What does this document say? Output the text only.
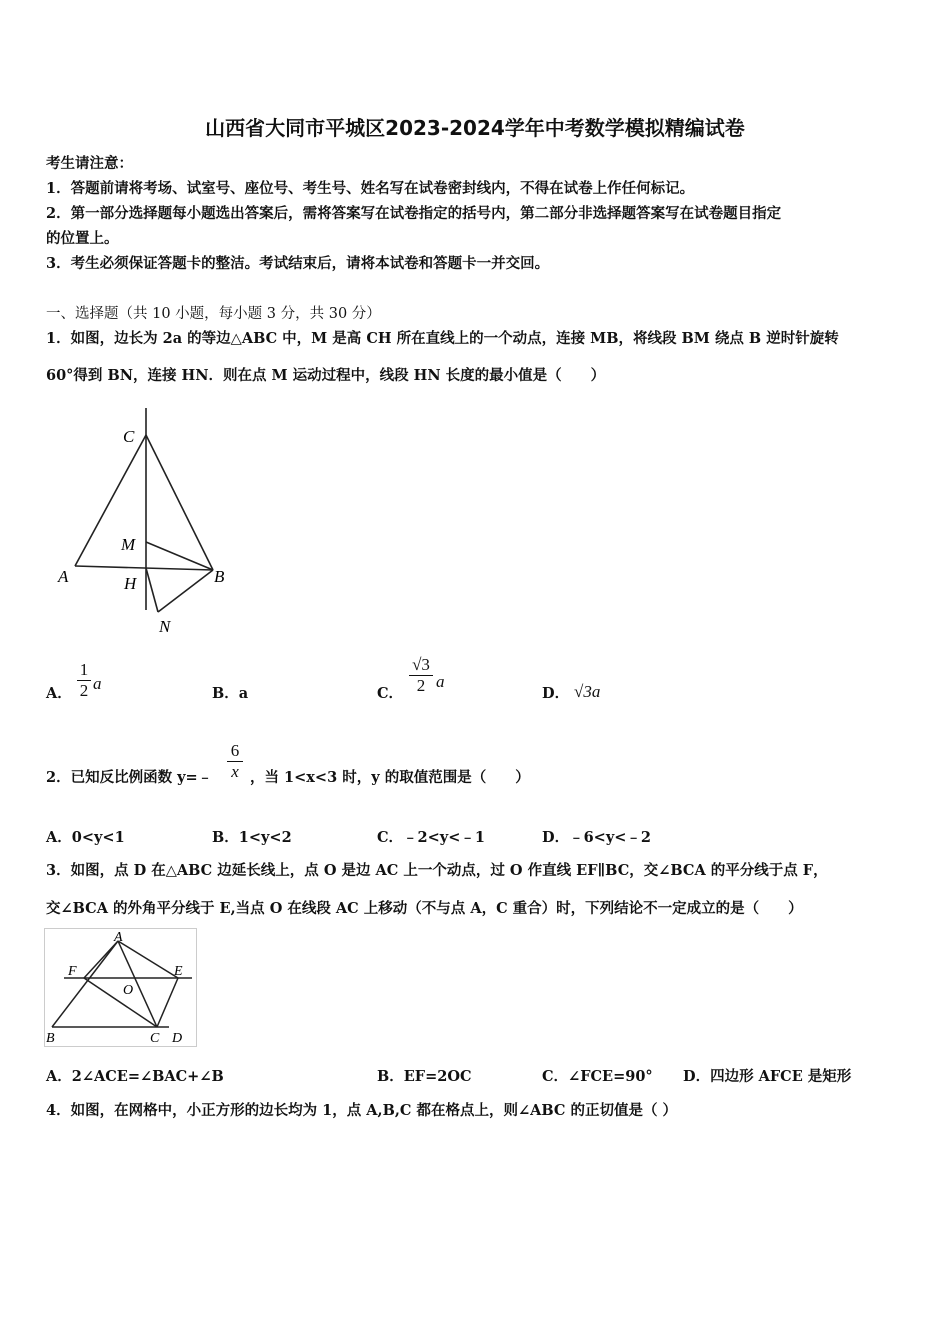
山西省大同市平城区2023-2024学年中考数学模拟精编试卷
考生请注意：
1．答题前请将考场、试室号、座位号、考生号、姓名写在试卷密封线内，不得在试卷上作任何标记。
2．第一部分选择题每小题选出答案后，需将答案写在试卷指定的括号内，第二部分非选择题答案写在试卷题目指定
的位置上。
3．考生必须保证答题卡的整洁。考试结束后，请将本试卷和答题卡一并交回。
一、选择题（共 10 小题，每小题 3 分，共 30 分）
1．如图，边长为 2a 的等边△ABC 中，M 是高 CH 所在直线上的一个动点，连接 MB，将线段 BM 绕点 B 逆时针旋转
60°得到 BN，连接 HN．则在点 M 运动过程中，线段 HN 长度的最小值是（　　）
C
M
A	H	B
N
A．
1
2 a
B．a	C．
√3
2 a
D． √3a
2．已知反比例函数 y=﹣
6
x ，当 1<x<3 时，y 的取值范围是（　　）
A．0<y<1	B．1<y<2	C．﹣2<y<﹣1	D．﹣6<y<﹣2
3．如图，点 D 在△ABC 边延长线上，点 O 是边 AC 上一个动点，过 O 作直线 EF∥BC，交∠BCA 的平分线于点 F，
交∠BCA 的外角平分线于 E,当点 O 在线段 AC 上移动（不与点 A，C 重合）时，下列结论不一定成立的是（　　）
A
F	E
O
B	C D
A．2∠ACE=∠BAC+∠B	B．EF=2OC	C．∠FCE=90° D．四边形 AFCE 是矩形
4．如图，在网格中，小正方形的边长均为 1，点 A,B,C 都在格点上，则∠ABC 的正切值是（ ）
